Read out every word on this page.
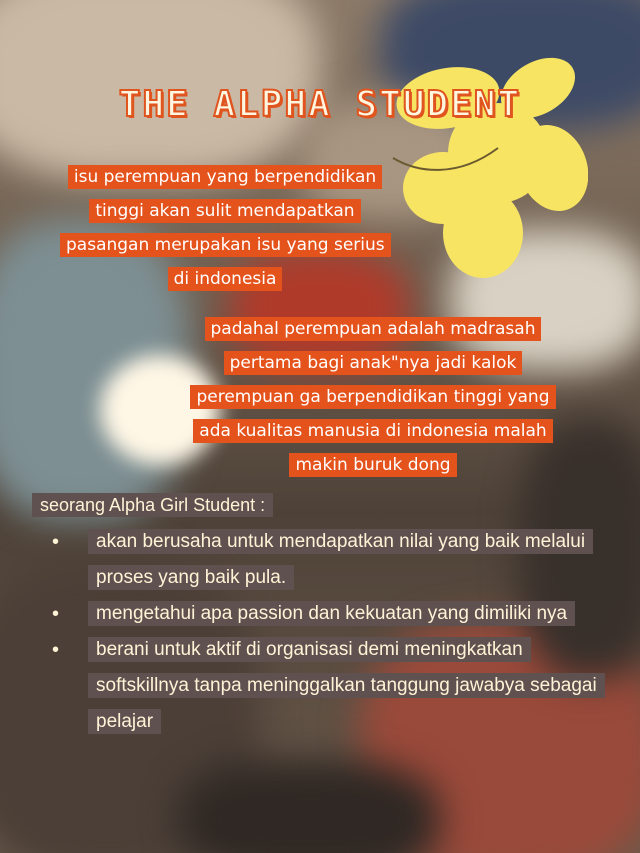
THE ALPHA STUDENT
isu perempuan yang berpendidikan tinggi akan sulit mendapatkan pasangan merupakan isu yang serius di indonesia
padahal perempuan adalah madrasah pertama bagi anak"nya jadi kalok perempuan ga berpendidikan tinggi yang ada kualitas manusia di indonesia malah makin buruk dong
seorang Alpha Girl Student :
• akan berusaha untuk mendapatkan nilai yang baik melalui proses yang baik pula.
• mengetahui apa passion dan kekuatan yang dimiliki nya
• berani untuk aktif di organisasi demi meningkatkan softskillnya tanpa meninggalkan tanggung jawabya sebagai pelajar
